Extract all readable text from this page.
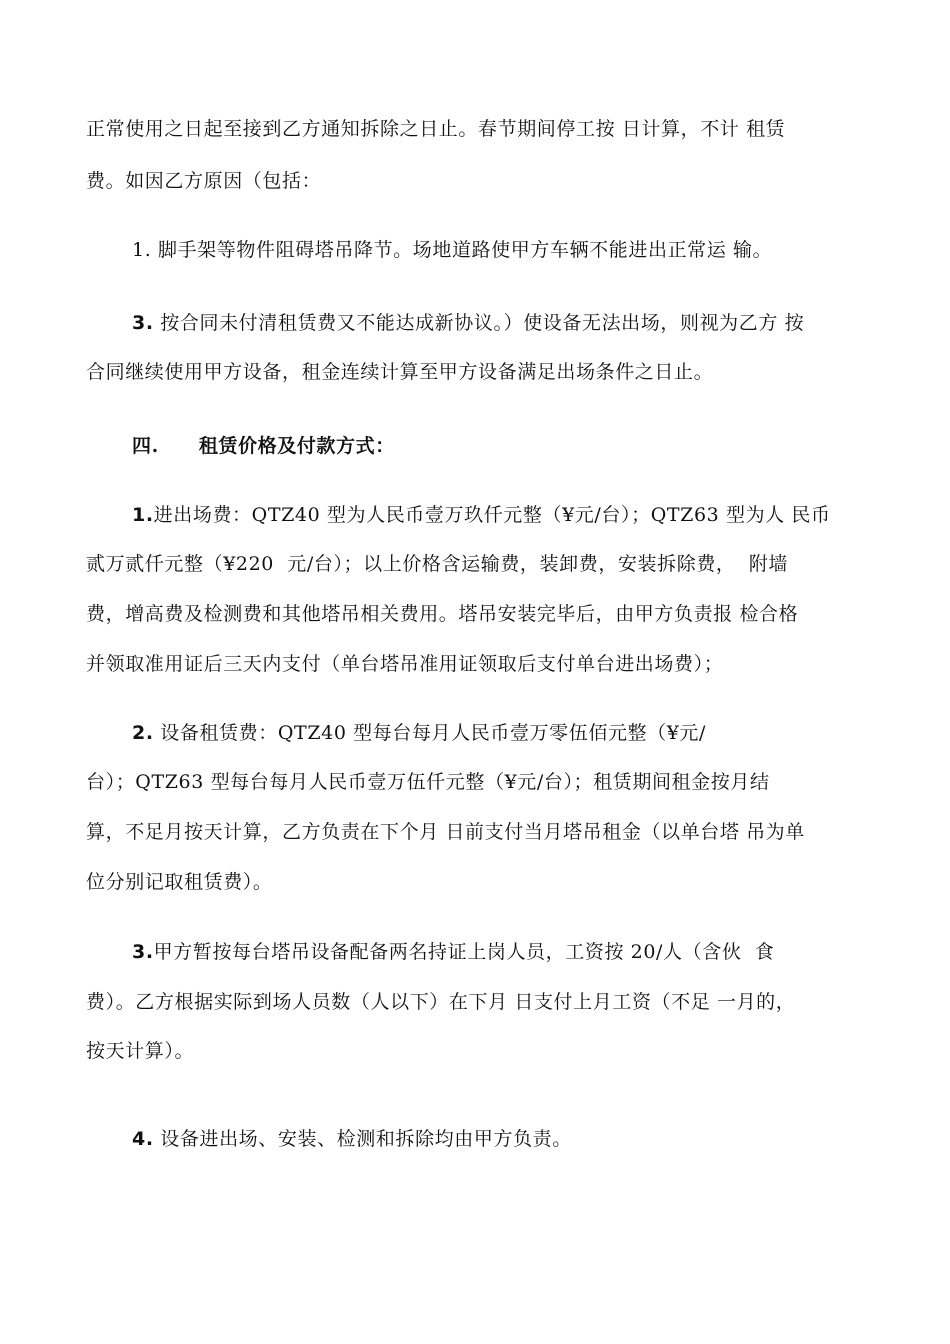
正常使用之日起至接到乙方通知拆除之日止。春节期间停工按 日计算，不计 租赁
费。如因乙方原因（包括：
1. 脚手架等物件阻碍塔吊降节。场地道路使甲方车辆不能进出正常运 输。
3. 按合同未付清租赁费又不能达成新协议。）使设备无法出场，则视为乙方 按
合同继续使用甲方设备，租金连续计算至甲方设备满足出场条件之日止。
四. 租赁价格及付款方式：
1.进出场费：QTZ40 型为人民币壹万玖仟元整（¥元/台）；QTZ63 型为人 民币
贰万贰仟元整（¥220  元/台）；以上价格含运输费，装卸费，安装拆除费，  附墙
费，增高费及检测费和其他塔吊相关费用。塔吊安装完毕后，由甲方负责报 检合格
并领取准用证后三天内支付（单台塔吊准用证领取后支付单台进出场费）；
2. 设备租赁费：QTZ40 型每台每月人民币壹万零伍佰元整（¥元/
台）；QTZ63 型每台每月人民币壹万伍仟元整（¥元/台）；租赁期间租金按月结
算，不足月按天计算，乙方负责在下个月 日前支付当月塔吊租金（以单台塔 吊为单
位分别记取租赁费）。
3.甲方暂按每台塔吊设备配备两名持证上岗人员，工资按 20/人（含伙  食
费）。乙方根据实际到场人员数（人以下）在下月 日支付上月工资（不足 一月的，
按天计算）。
4. 设备进出场、安装、检测和拆除均由甲方负责。
